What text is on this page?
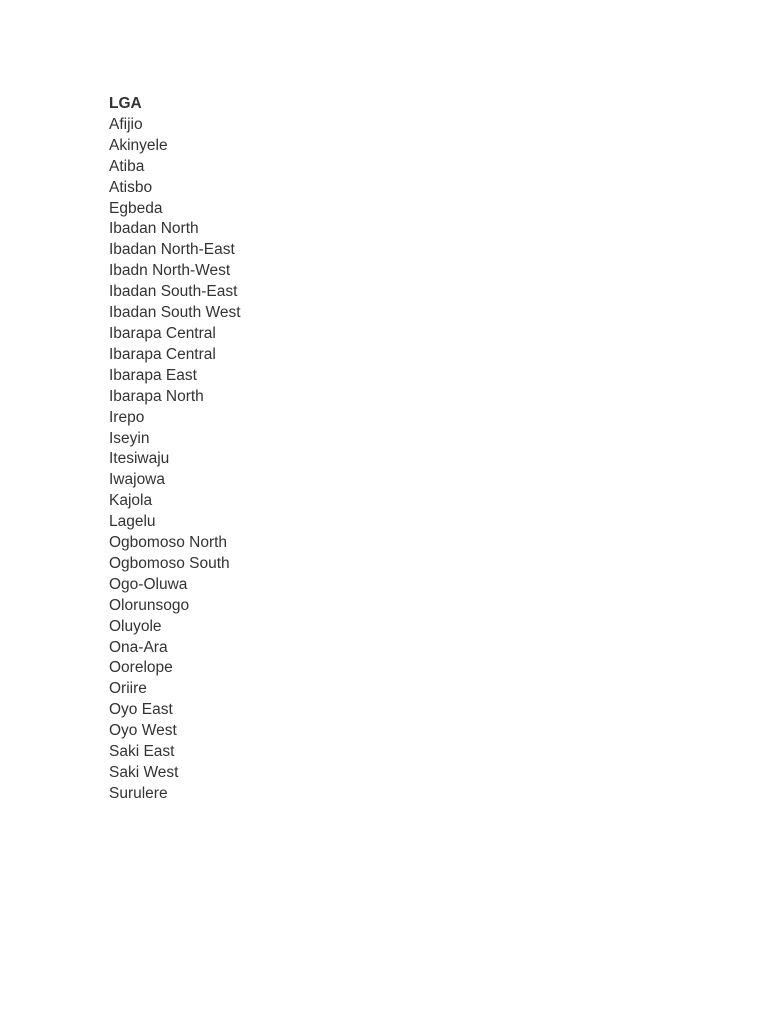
LGA
Afijio
Akinyele
Atiba
Atisbo
Egbeda
Ibadan North
Ibadan North-East
Ibadn North-West
Ibadan South-East
Ibadan South West
Ibarapa Central
Ibarapa Central
Ibarapa East
Ibarapa North
Irepo
Iseyin
Itesiwaju
Iwajowa
Kajola
Lagelu
Ogbomoso North
Ogbomoso South
Ogo-Oluwa
Olorunsogo
Oluyole
Ona-Ara
Oorelope
Oriire
Oyo East
Oyo West
Saki East
Saki West
Surulere
